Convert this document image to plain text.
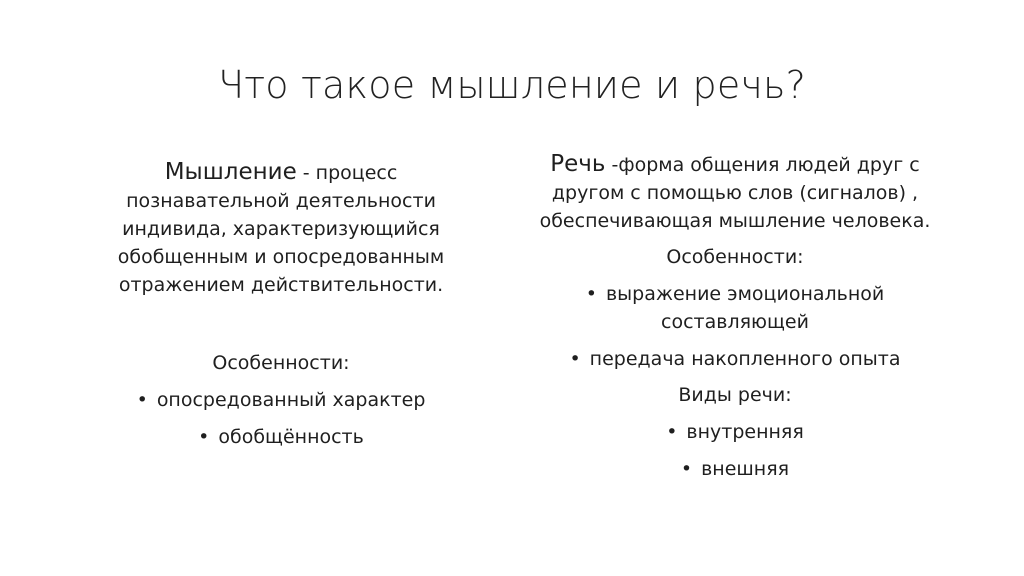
Что такое мышление и речь?

Мышление - процесс познавательной деятельности индивида, характеризующийся обобщенным и опосредованным отражением действительности.

Особенности:

• опосредованный характер
• обобщённость

Речь -форма общения людей друг с другом с помощью слов (сигналов) , обеспечивающая мышление человека.

Особенности:

• выражение эмоциональной составляющей
• передача накопленного опыта

Виды речи:

• внутренняя
• внешняя
